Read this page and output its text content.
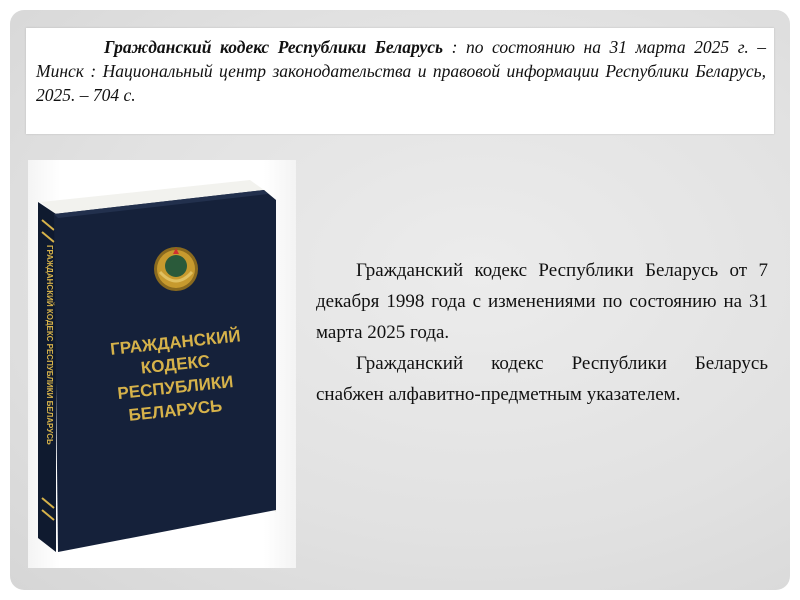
Гражданский кодекс Республики Беларусь : по состоянию на 31 марта 2025 г. – Минск : Национальный центр законодательства и правовой информации Республики Беларусь, 2025. – 704 с.
ГРАЖДАНСКИЙ КОДЕКС РЕСПУБЛИКИ БЕЛАРУСЬ	ГРАЖДАНСКИЙ
КОДЕКС
РЕСПУБЛИКИ
БЕЛАРУСЬ

Гражданский кодекс Республики Беларусь от 7 декабря 1998 года с изменениями по состоянию на 31 марта 2025 года.

Гражданский кодекс Республики Беларусь снабжен алфавитно-предметным указателем.
